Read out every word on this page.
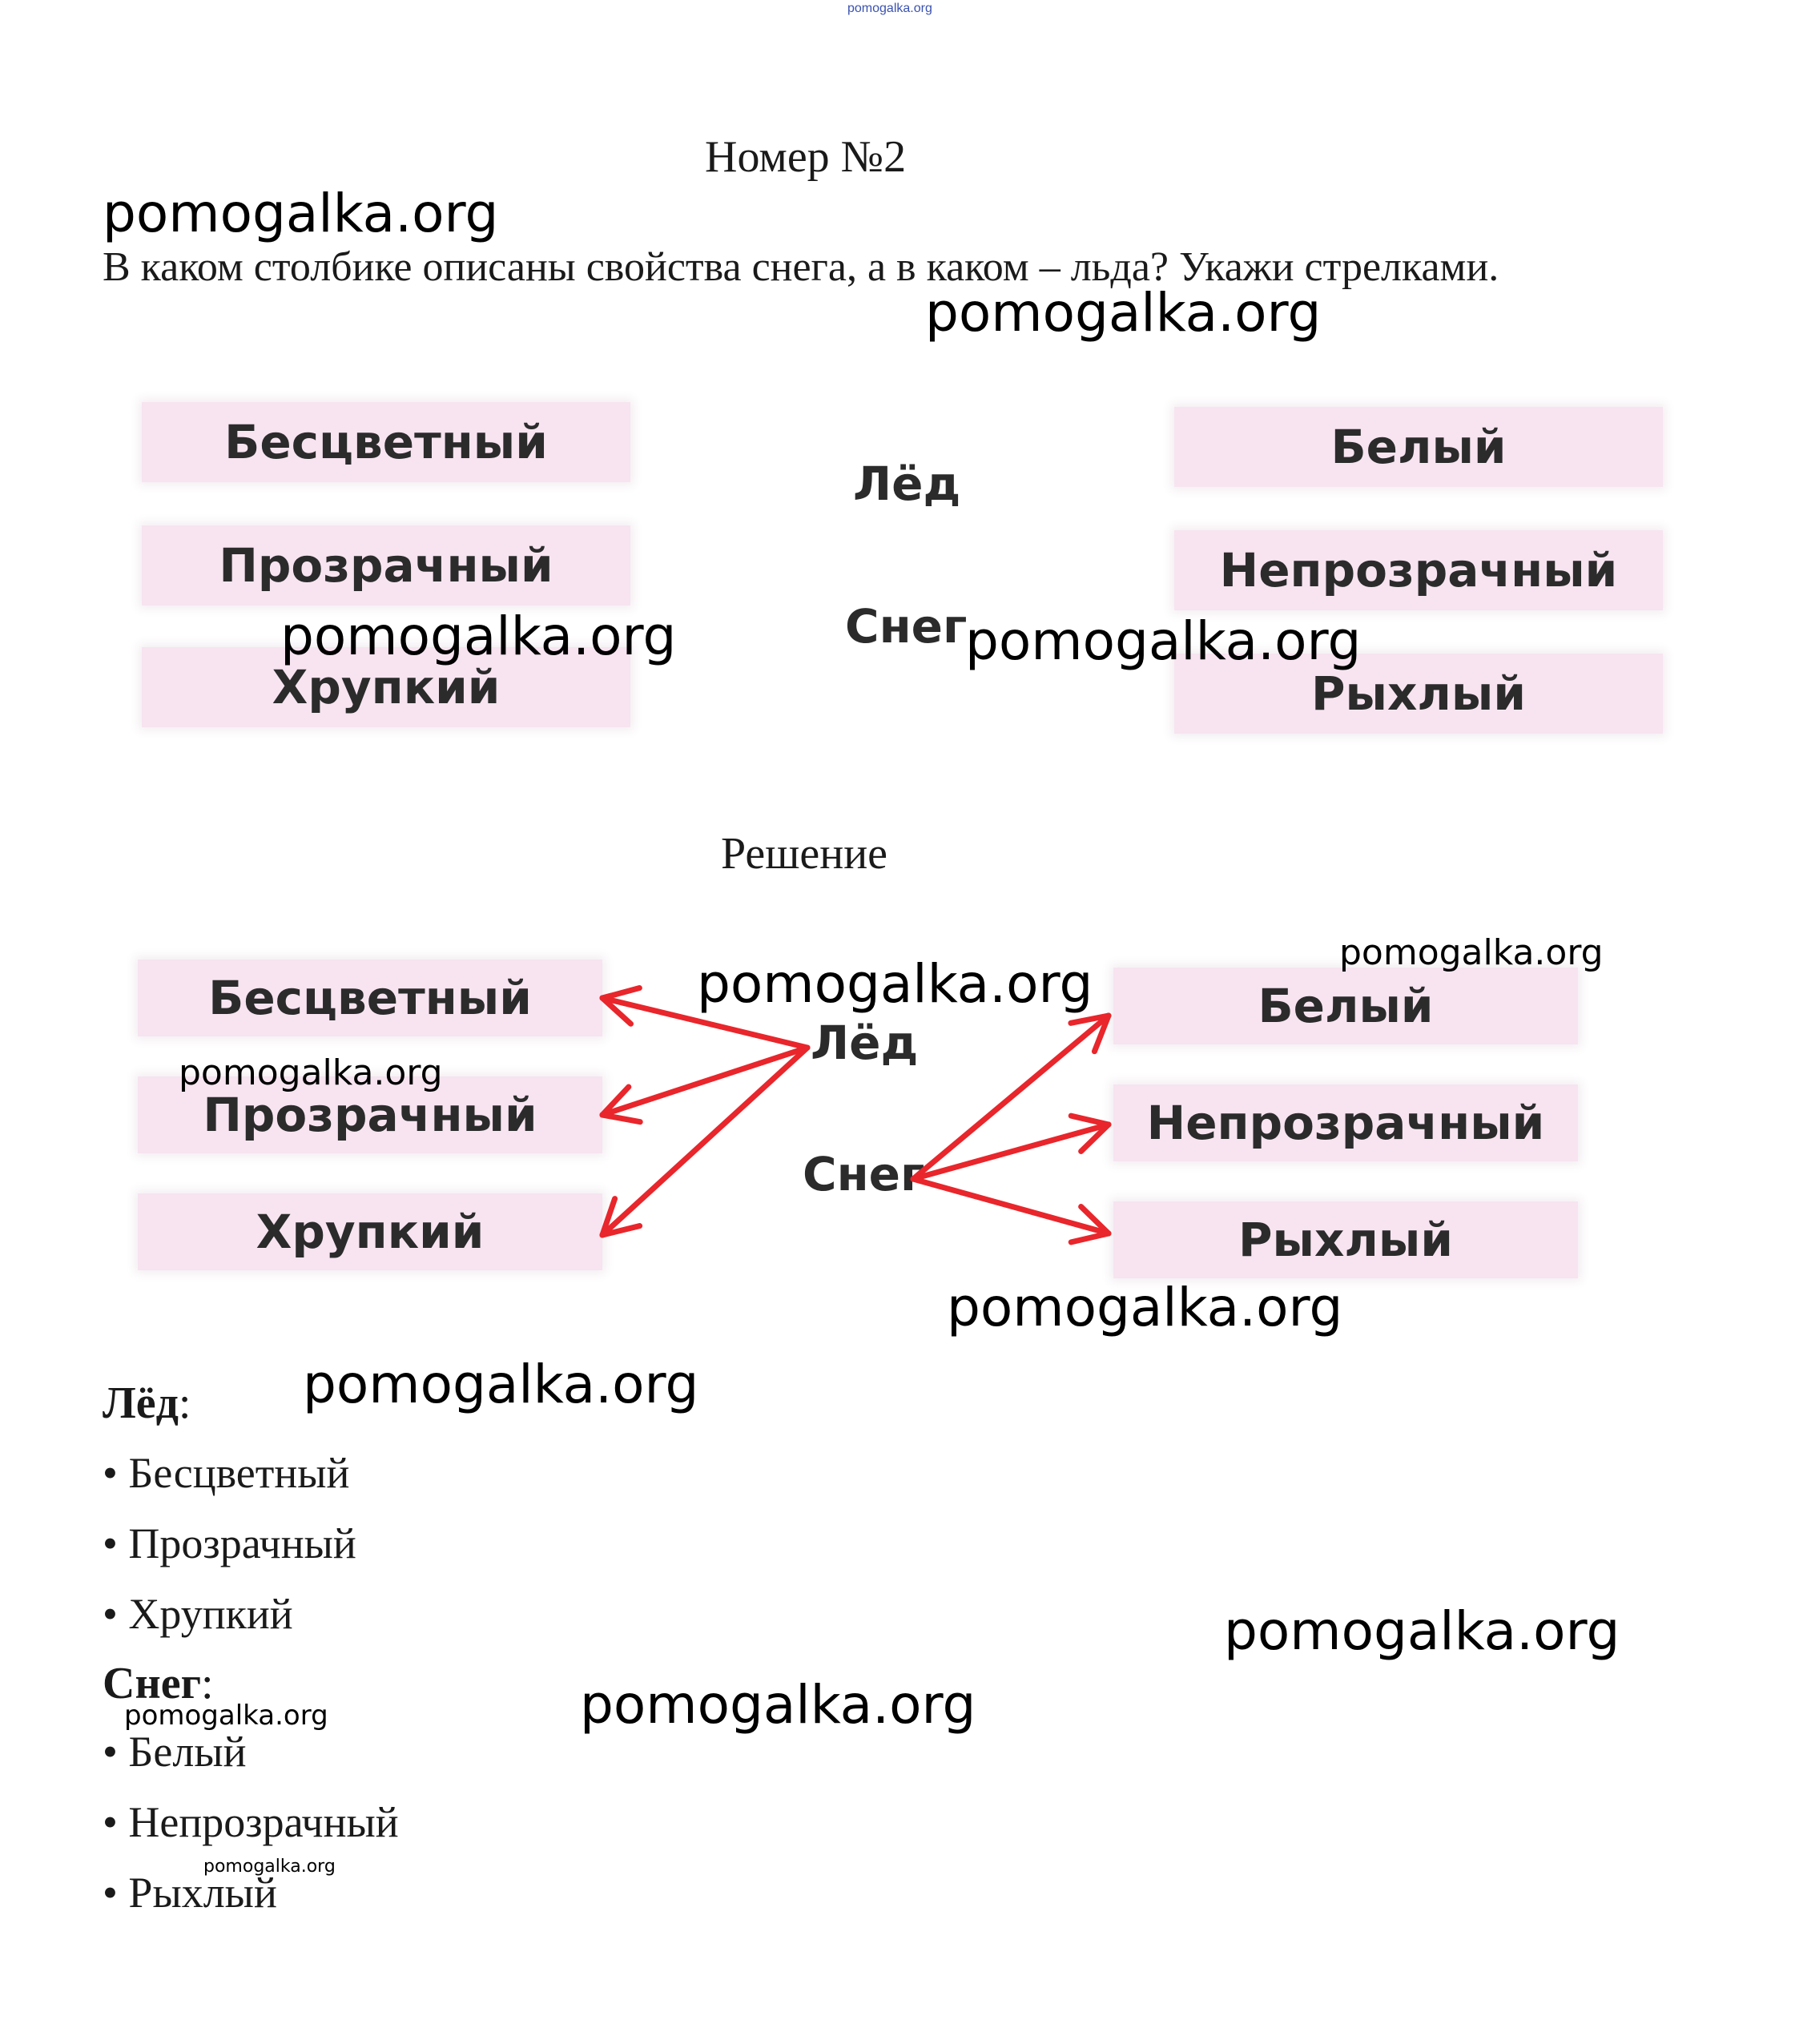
pomogalka.org
Номер №2
pomogalka.org
В каком столбике описаны свойства снега, а в каком – льда? Укажи стрелками.
pomogalka.org
Бесцветный
Прозрачный
Хрупкий
Лёд
Снег
Белый
Непрозрачный
Рыхлый
pomogalka.org	pomogalka.org
Решение
Бесцветный
Прозрачный
Хрупкий
Лёд
Снег
Белый
Непрозрачный
Рыхлый
pomogalka.org
pomogalka.org
pomogalka.org
pomogalka.org
Лёд: pomogalka.org
• Бесцветный
• Прозрачный
• Хрупкий	pomogalka.org
Снег:
pomogalka.org	pomogalka.org
• Белый
• Непрозрачный
pomogalka.org
• Рыхлый
